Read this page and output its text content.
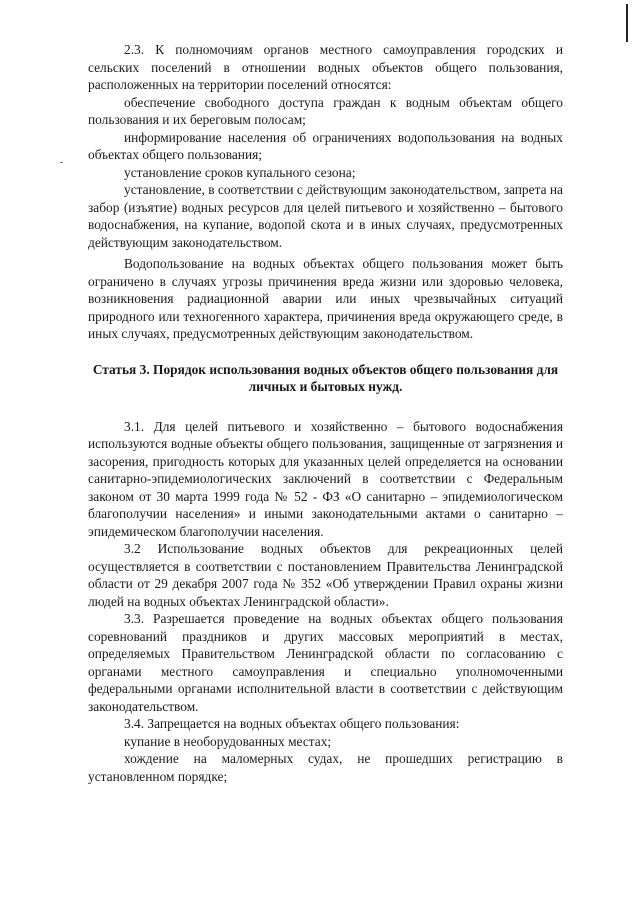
2.3. К полномочиям органов местного самоуправления городских и сельских поселений в отношении водных объектов общего пользования, расположенных на территории поселений относятся:

обеспечение свободного доступа граждан к водным объектам общего пользования и их береговым полосам;

информирование населения об ограничениях водопользования на водных объектах общего пользования;

установление сроков купального сезона;

установление, в соответствии с действующим законодательством, запрета на забор (изъятие) водных ресурсов для целей питьевого и хозяйственно – бытового водоснабжения, на купание, водопой скота и в иных случаях, предусмотренных действующим законодательством.

Водопользование на водных объектах общего пользования может быть ограничено в случаях угрозы причинения вреда жизни или здоровью человека, возникновения радиационной аварии или иных чрезвычайных ситуаций природного или техногенного характера, причинения вреда окружающего среде, в иных случаях, предусмотренных действующим законодательством.

Статья 3. Порядок использования водных объектов общего пользования для личных и бытовых нужд.

3.1. Для целей питьевого и хозяйственно – бытового водоснабжения используются водные объекты общего пользования, защищенные от загрязнения и засорения, пригодность которых для указанных целей определяется на основании санитарно-эпидемиологических заключений в соответствии с Федеральным законом от 30 марта 1999 года № 52 - ФЗ «О санитарно – эпидемиологическом благополучии населения» и иными законодательными актами о санитарно – эпидемическом благополучии населения.

3.2 Использование водных объектов для рекреационных целей осуществляется в соответствии с постановлением Правительства Ленинградской области от 29 декабря 2007 года № 352 «Об утверждении Правил охраны жизни людей на водных объектах Ленинградской области».

3.3. Разрешается проведение на водных объектах общего пользования соревнований праздников и других массовых мероприятий в местах, определяемых Правительством Ленинградской области по согласованию с органами местного самоуправления и специально уполномоченными федеральными органами исполнительной власти в соответствии с действующим законодательством.

3.4. Запрещается на водных объектах общего пользования:

купание в необорудованных местах;

хождение на маломерных судах, не прошедших регистрацию в установленном порядке;
